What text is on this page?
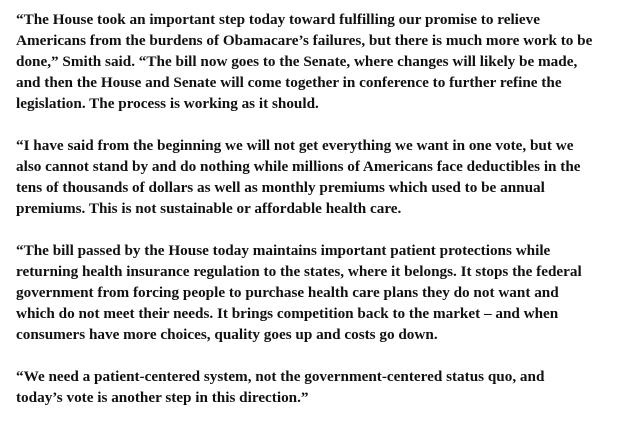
“The House took an important step today toward fulfilling our promise to relieve
Americans from the burdens of Obamacare’s failures, but there is much more work to be
done,” Smith said. “The bill now goes to the Senate, where changes will likely be made,
and then the House and Senate will come together in conference to further refine the
legislation. The process is working as it should.
“I have said from the beginning we will not get everything we want in one vote, but we
also cannot stand by and do nothing while millions of Americans face deductibles in the
tens of thousands of dollars as well as monthly premiums which used to be annual
premiums. This is not sustainable or affordable health care.
“The bill passed by the House today maintains important patient protections while
returning health insurance regulation to the states, where it belongs. It stops the federal
government from forcing people to purchase health care plans they do not want and
which do not meet their needs. It brings competition back to the market – and when
consumers have more choices, quality goes up and costs go down.
“We need a patient-centered system, not the government-centered status quo, and
today’s vote is another step in this direction.”
